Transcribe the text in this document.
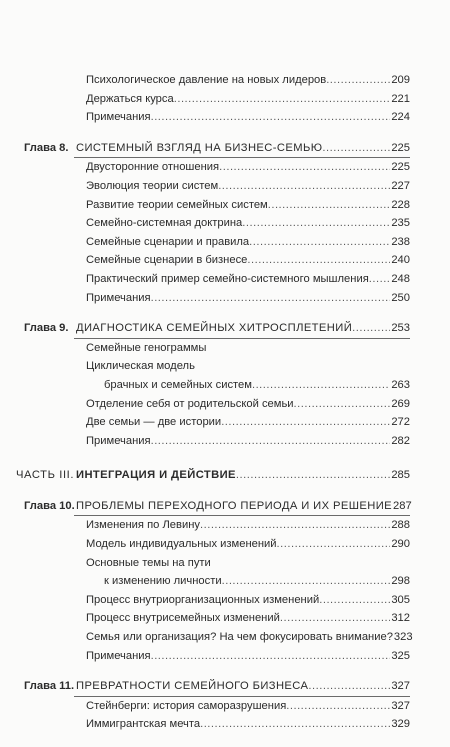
Психологическое давление на новых лидеров .....	209
Держаться курса .....	221
Примечания .....	224
Глава 8. СИСТЕМНЫЙ ВЗГЛЯД НА БИЗНЕС-СЕМЬЮ .....	225
Двусторонние отношения .....	225
Эволюция теории систем .....	227
Развитие теории семейных систем .....	228
Семейно-системная доктрина .....	235
Семейные сценарии и правила .....	238
Семейные сценарии в бизнесе .....	240
Практический пример семейно-системного мышления ..... 248
Примечания .....	250
Глава 9. ДИАГНОСТИКА СЕМЕЙНЫХ ХИТРОСПЛЕТЕНИЙ .....	253
Семейные генограммы
Циклическая модель
брачных и семейных систем .....	263
Отделение себя от родительской семьи .....	269
Две семьи — две истории .....	272
Примечания .....	282
ЧАСТЬ III. ИНТЕГРАЦИЯ И ДЕЙСТВИЕ .....	285
Глава 10. ПРОБЛЕМЫ ПЕРЕХОДНОГО ПЕРИОДА И ИХ РЕШЕНИЕ 287
Изменения по Левину .....	288
Модель индивидуальных изменений .....	290
Основные темы на пути
к изменению личности .....	298
Процесс внутриорганизационных изменений .....	305
Процесс внутрисемейных изменений .....	312
Семья или организация? На чем фокусировать внимание? 323
Примечания .....	325
Глава 11. ПРЕВРАТНОСТИ СЕМЕЙНОГО БИЗНЕСА .....	327
Стейнберги: история саморазрушения .....	327
Иммигрантская мечта .....	329
